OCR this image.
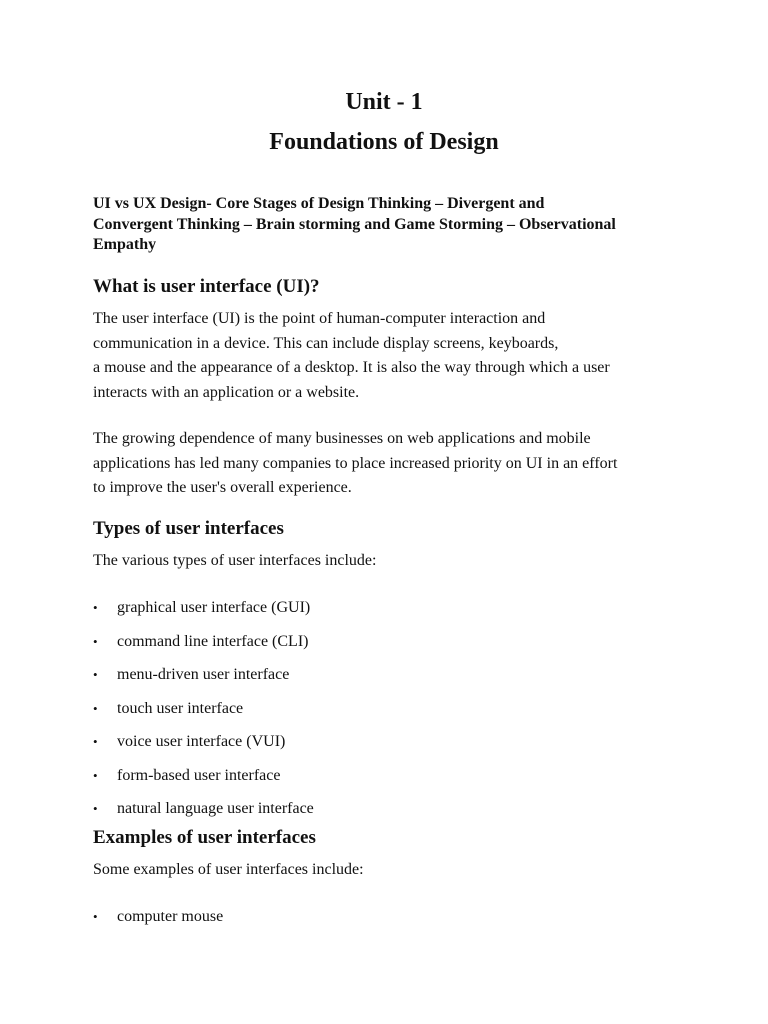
Unit - 1
Foundations of Design
UI vs UX Design- Core Stages of Design Thinking – Divergent and
Convergent Thinking – Brain storming and Game Storming – Observational
Empathy
What is user interface (UI)?
The user interface (UI) is the point of human-computer interaction and
communication in a device. This can include display screens, keyboards,
a mouse and the appearance of a desktop. It is also the way through which a user
interacts with an application or a website.
The growing dependence of many businesses on web applications and mobile
applications has led many companies to place increased priority on UI in an effort
to improve the user's overall experience.
Types of user interfaces
The various types of user interfaces include:
•	graphical user interface (GUI)
•	command line interface (CLI)
•	menu-driven user interface
•	touch user interface
•	voice user interface (VUI)
•	form-based user interface
•	natural language user interface
Examples of user interfaces
Some examples of user interfaces include:
•	computer mouse
